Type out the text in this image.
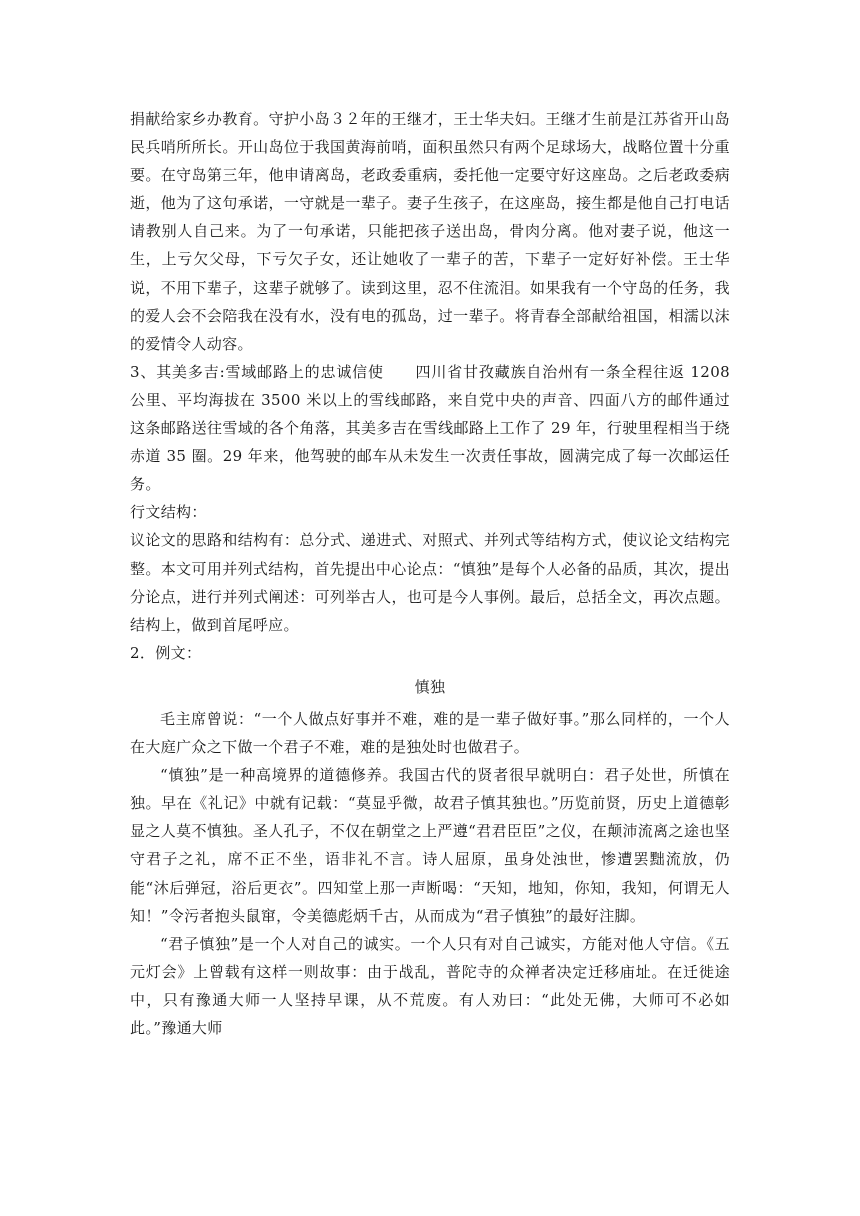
捐献给家乡办教育。守护小岛３２年的王继才，王士华夫妇。王继才生前是江苏省开山岛民兵哨所所长。开山岛位于我国黄海前哨，面积虽然只有两个足球场大，战略位置十分重要。在守岛第三年，他申请离岛，老政委重病，委托他一定要守好这座岛。之后老政委病逝，他为了这句承诺，一守就是一辈子。妻子生孩子，在这座岛，接生都是他自己打电话请教别人自己来。为了一句承诺，只能把孩子送出岛，骨肉分离。他对妻子说，他这一生，上亏欠父母，下亏欠子女，还让她收了一辈子的苦，下辈子一定好好补偿。王士华说，不用下辈子，这辈子就够了。读到这里，忍不住流泪。如果我有一个守岛的任务，我的爱人会不会陪我在没有水，没有电的孤岛，过一辈子。将青春全部献给祖国，相濡以沫的爱情令人动容。

3、其美多吉:雪域邮路上的忠诚信使　　四川省甘孜藏族自治州有一条全程往返 1208 公里、平均海拔在 3500 米以上的雪线邮路，来自党中央的声音、四面八方的邮件通过这条邮路送往雪域的各个角落，其美多吉在雪线邮路上工作了 29 年，行驶里程相当于绕赤道 35 圈。29 年来，他驾驶的邮车从未发生一次责任事故，圆满完成了每一次邮运任务。

行文结构：

议论文的思路和结构有：总分式、递进式、对照式、并列式等结构方式，使议论文结构完整。本文可用并列式结构，首先提出中心论点：“慎独”是每个人必备的品质，其次，提出分论点，进行并列式阐述：可列举古人，也可是今人事例。最后，总括全文，再次点题。结构上，做到首尾呼应。

2．例文：

慎独

毛主席曾说：“一个人做点好事并不难，难的是一辈子做好事。”那么同样的，一个人在大庭广众之下做一个君子不难，难的是独处时也做君子。

“慎独”是一种高境界的道德修养。我国古代的贤者很早就明白：君子处世，所慎在独。早在《礼记》中就有记载：“莫显乎微，故君子慎其独也。”历览前贤，历史上道德彰显之人莫不慎独。圣人孔子，不仅在朝堂之上严遵“君君臣臣”之仪，在颠沛流离之途也坚守君子之礼，席不正不坐，语非礼不言。诗人屈原，虽身处浊世，惨遭罢黜流放，仍能“沐后弹冠，浴后更衣”。四知堂上那一声断喝：“天知，地知，你知，我知，何谓无人知！”令污者抱头鼠窜，令美德彪炳千古，从而成为“君子慎独”的最好注脚。

“君子慎独”是一个人对自己的诚实。一个人只有对自己诚实，方能对他人守信。《五元灯会》上曾载有这样一则故事：由于战乱，普陀寺的众禅者决定迁移庙址。在迁徙途中，只有豫通大师一人坚持早课，从不荒废。有人劝曰：“此处无佛，大师可不必如此。”豫通大师
